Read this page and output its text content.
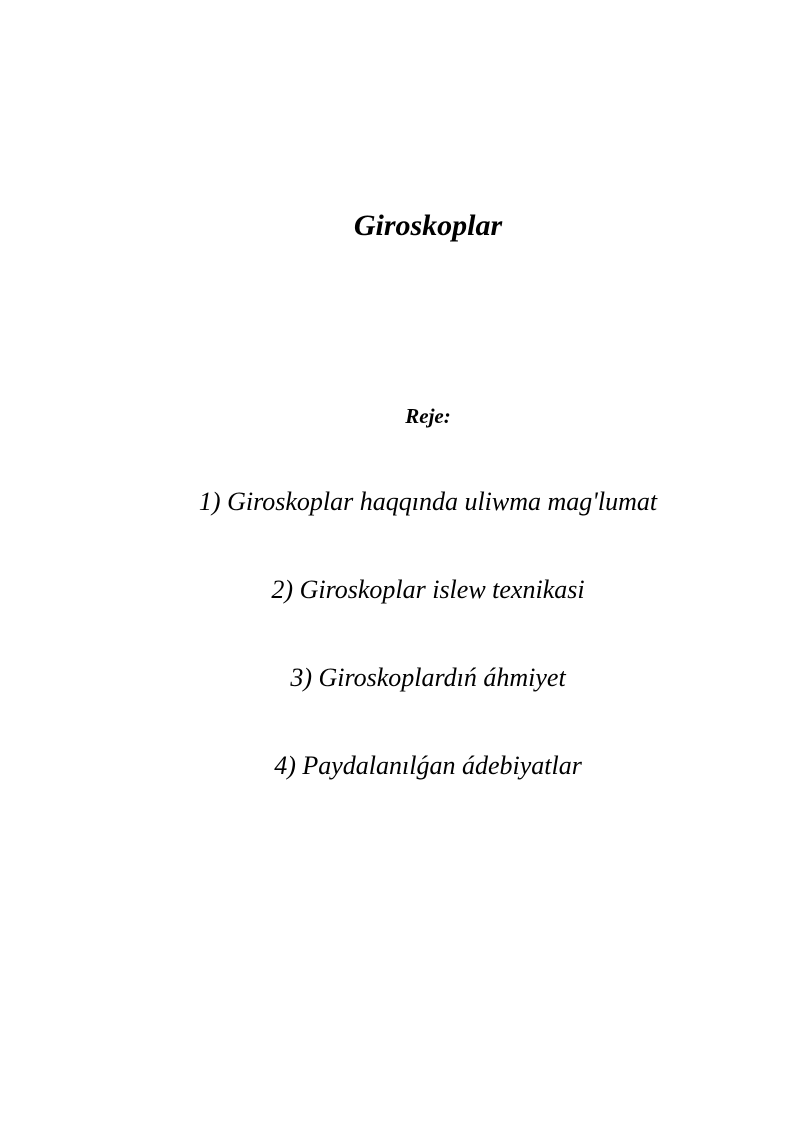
Giroskoplar
Reje:
1) Giroskoplar haqqında uliwma mag'lumat
2) Giroskoplar islew texnikasi
3) Giroskoplardıń áhmiyet
4) Paydalanılǵan ádebiyatlar
